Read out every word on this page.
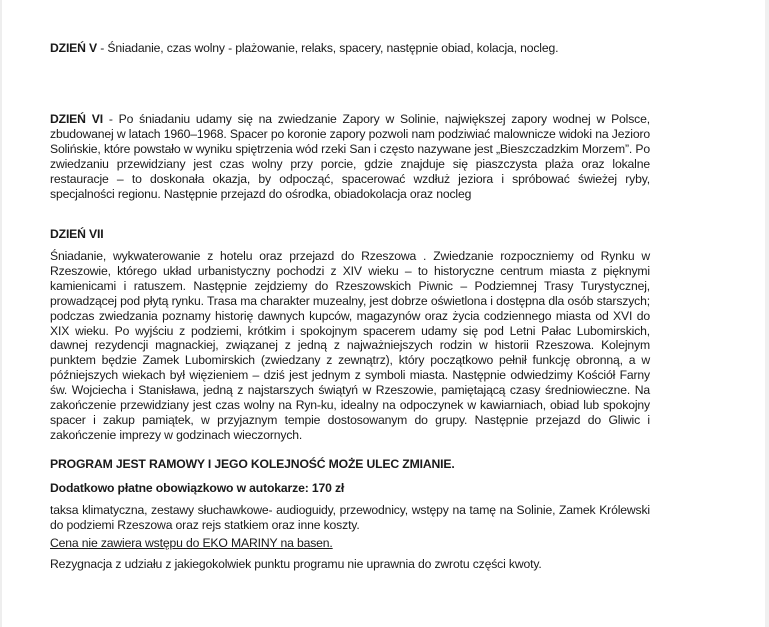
DZIEŃ V - Śniadanie, czas wolny - plażowanie, relaks, spacery, następnie obiad, kolacja, nocleg.

DZIEŃ VI - Po śniadaniu udamy się na zwiedzanie Zapory w Solinie, największej zapory wodnej w Polsce, zbudowanej w latach 1960–1968. Spacer po koronie zapory pozwoli nam podziwiać malownicze widoki na Jezioro Solińskie, które powstało w wyniku spiętrzenia wód rzeki San i często nazywane jest „Bieszczadzkim Morzem”. Po zwiedzaniu przewidziany jest czas wolny przy porcie, gdzie znajduje się piaszczysta plaża oraz lokalne restauracje – to doskonała okazja, by odpocząć, spacerować wzdłuż jeziora i spróbować świeżej ryby, specjalności regionu. Następnie przejazd do ośrodka, obiadokolacja oraz nocleg

DZIEŃ VII

Śniadanie, wykwaterowanie z hotelu oraz przejazd do Rzeszowa . Zwiedzanie rozpoczniemy od Rynku w Rzeszowie, którego układ urbanistyczny pochodzi z XIV wieku – to historyczne centrum miasta z pięknymi kamienicami i ratuszem. Następnie zejdziemy do Rzeszowskich Piwnic – Podziemnej Trasy Turystycznej, prowadzącej pod płytą rynku. Trasa ma charakter muzealny, jest dobrze oświetlona i dostępna dla osób starszych; podczas zwiedzania poznamy historię dawnych kupców, magazynów oraz życia codziennego miasta od XVI do XIX wieku. Po wyjściu z podziemi, krótkim i spokojnym spacerem udamy się pod Letni Pałac Lubomirskich, dawnej rezydencji magnackiej, związanej z jedną z najważniejszych rodzin w historii Rzeszowa. Kolejnym punktem będzie Zamek Lubomirskich (zwiedzany z zewnątrz), który początkowo pełnił funkcję obronną, a w późniejszych wiekach był więzieniem – dziś jest jednym z symboli miasta. Następnie odwiedzimy Kościół Farny św. Wojciecha i Stanisława, jedną z najstarszych świątyń w Rzeszowie, pamiętającą czasy średniowieczne. Na zakończenie przewidziany jest czas wolny na Ryn-ku, idealny na odpoczynek w kawiarniach, obiad lub spokojny spacer i zakup pamiątek, w przyjaznym tempie dostosowanym do grupy. Następnie przejazd do Gliwic i zakończenie imprezy w godzinach wieczornych.

PROGRAM JEST RAMOWY I JEGO KOLEJNOŚĆ MOŻE ULEC ZMIANIE.

Dodatkowo płatne obowiązkowo w autokarze: 170 zł

taksa klimatyczna, zestawy słuchawkowe- audioguidy, przewodnicy, wstępy na tamę na Solinie, Zamek Królewski do podziemi Rzeszowa oraz rejs statkiem oraz inne koszty.

Cena nie zawiera wstępu do EKO MARINY na basen.

Rezygnacja z udziału z jakiegokolwiek punktu programu nie uprawnia do zwrotu części kwoty.
